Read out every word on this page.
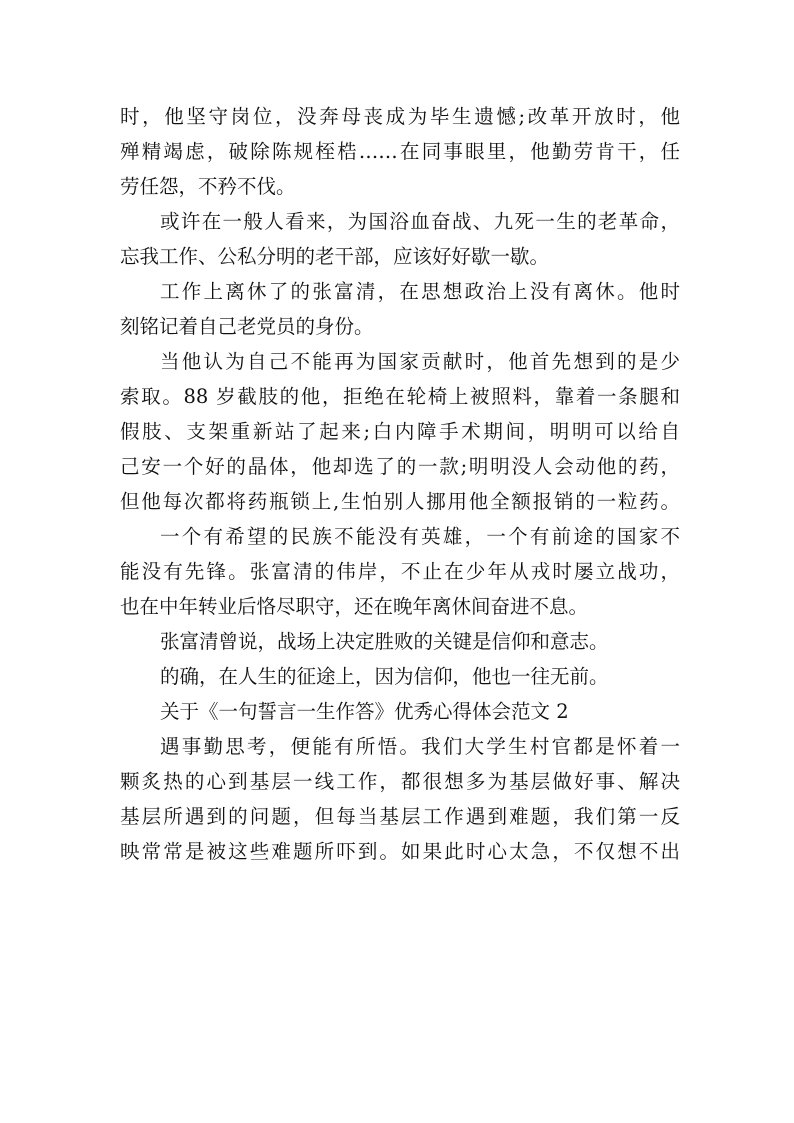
时，他坚守岗位，没奔母丧成为毕生遗憾;改革开放时，他
殚精竭虑，破除陈规桎梏……在同事眼里，他勤劳肯干，任
劳任怨，不矜不伐。
或许在一般人看来，为国浴血奋战、九死一生的老革命，
忘我工作、公私分明的老干部，应该好好歇一歇。
工作上离休了的张富清，在思想政治上没有离休。他时
刻铭记着自己老党员的身份。
当他认为自己不能再为国家贡献时，他首先想到的是少
索取。88 岁截肢的他，拒绝在轮椅上被照料，靠着一条腿和
假肢、支架重新站了起来;白内障手术期间，明明可以给自
己安一个好的晶体，他却选了的一款;明明没人会动他的药，
但他每次都将药瓶锁上,生怕别人挪用他全额报销的一粒药。
一个有希望的民族不能没有英雄，一个有前途的国家不
能没有先锋。张富清的伟岸，不止在少年从戎时屡立战功，
也在中年转业后恪尽职守，还在晚年离休间奋进不息。
张富清曾说，战场上决定胜败的关键是信仰和意志。
的确，在人生的征途上，因为信仰，他也一往无前。
关于《一句誓言一生作答》优秀心得体会范文 2
遇事勤思考，便能有所悟。我们大学生村官都是怀着一
颗炙热的心到基层一线工作，都很想多为基层做好事、解决
基层所遇到的问题，但每当基层工作遇到难题，我们第一反
映常常是被这些难题所吓到。如果此时心太急，不仅想不出
